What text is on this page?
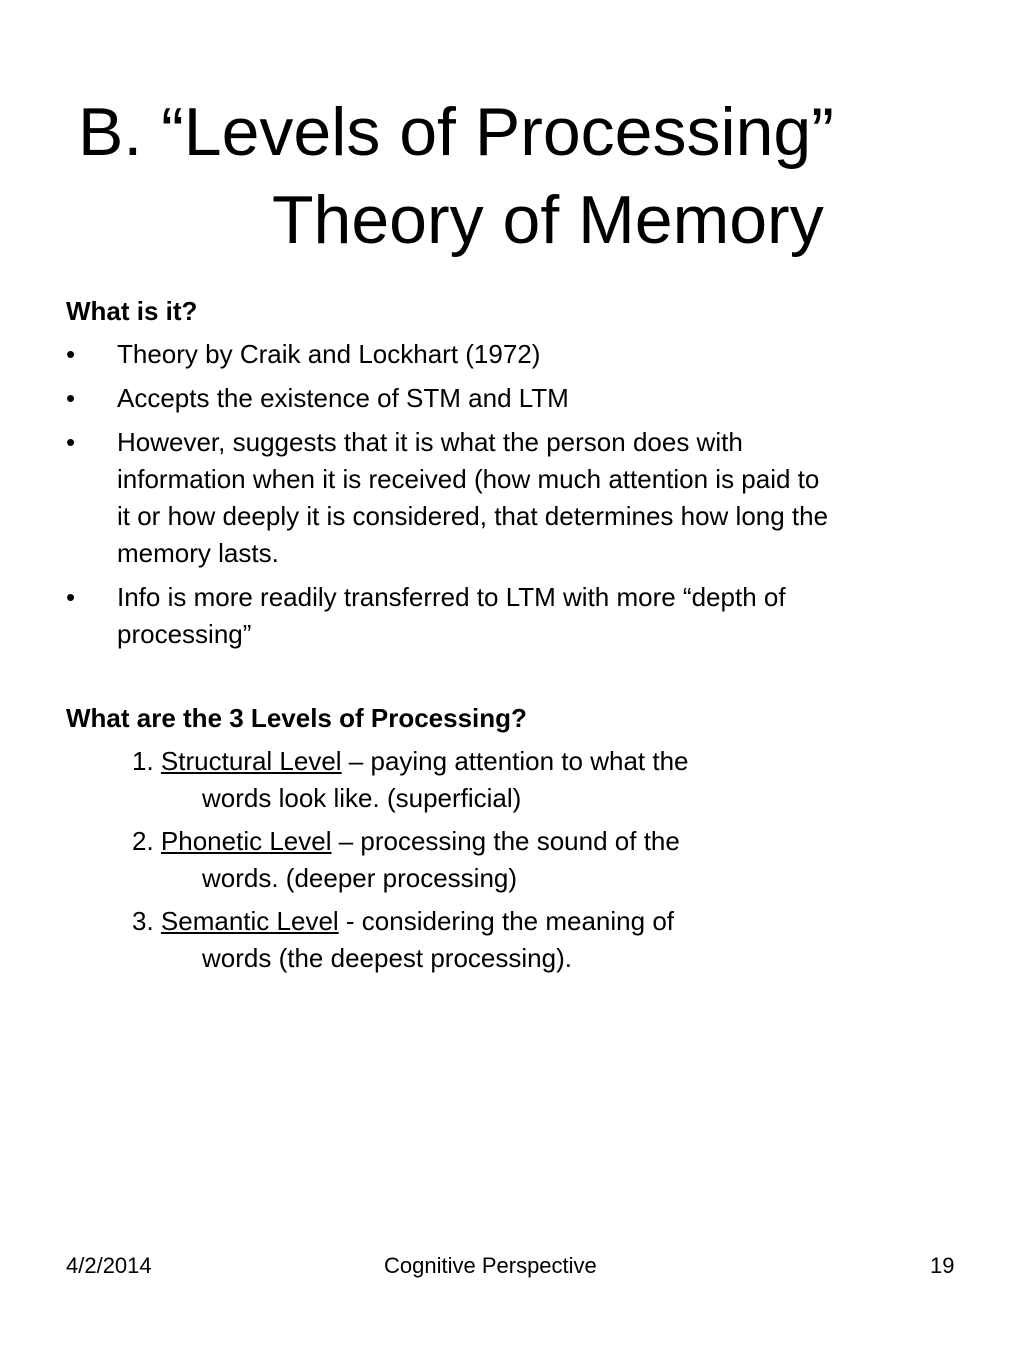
B. “Levels of Processing”
Theory of Memory
What is it?
• Theory by Craik and Lockhart (1972)
• Accepts the existence of STM and LTM
• However, suggests that it is what the person does with
information when it is received (how much attention is paid to
it or how deeply it is considered, that determines how long the
memory lasts.
• Info is more readily transferred to LTM with more “depth of
processing”
What are the 3 Levels of Processing?
1. Structural Level – paying attention to what the
words look like. (superficial)
2. Phonetic Level – processing the sound of the
words. (deeper processing)
3. Semantic Level - considering the meaning of
words (the deepest processing).
4/2/2014	Cognitive Perspective	19
